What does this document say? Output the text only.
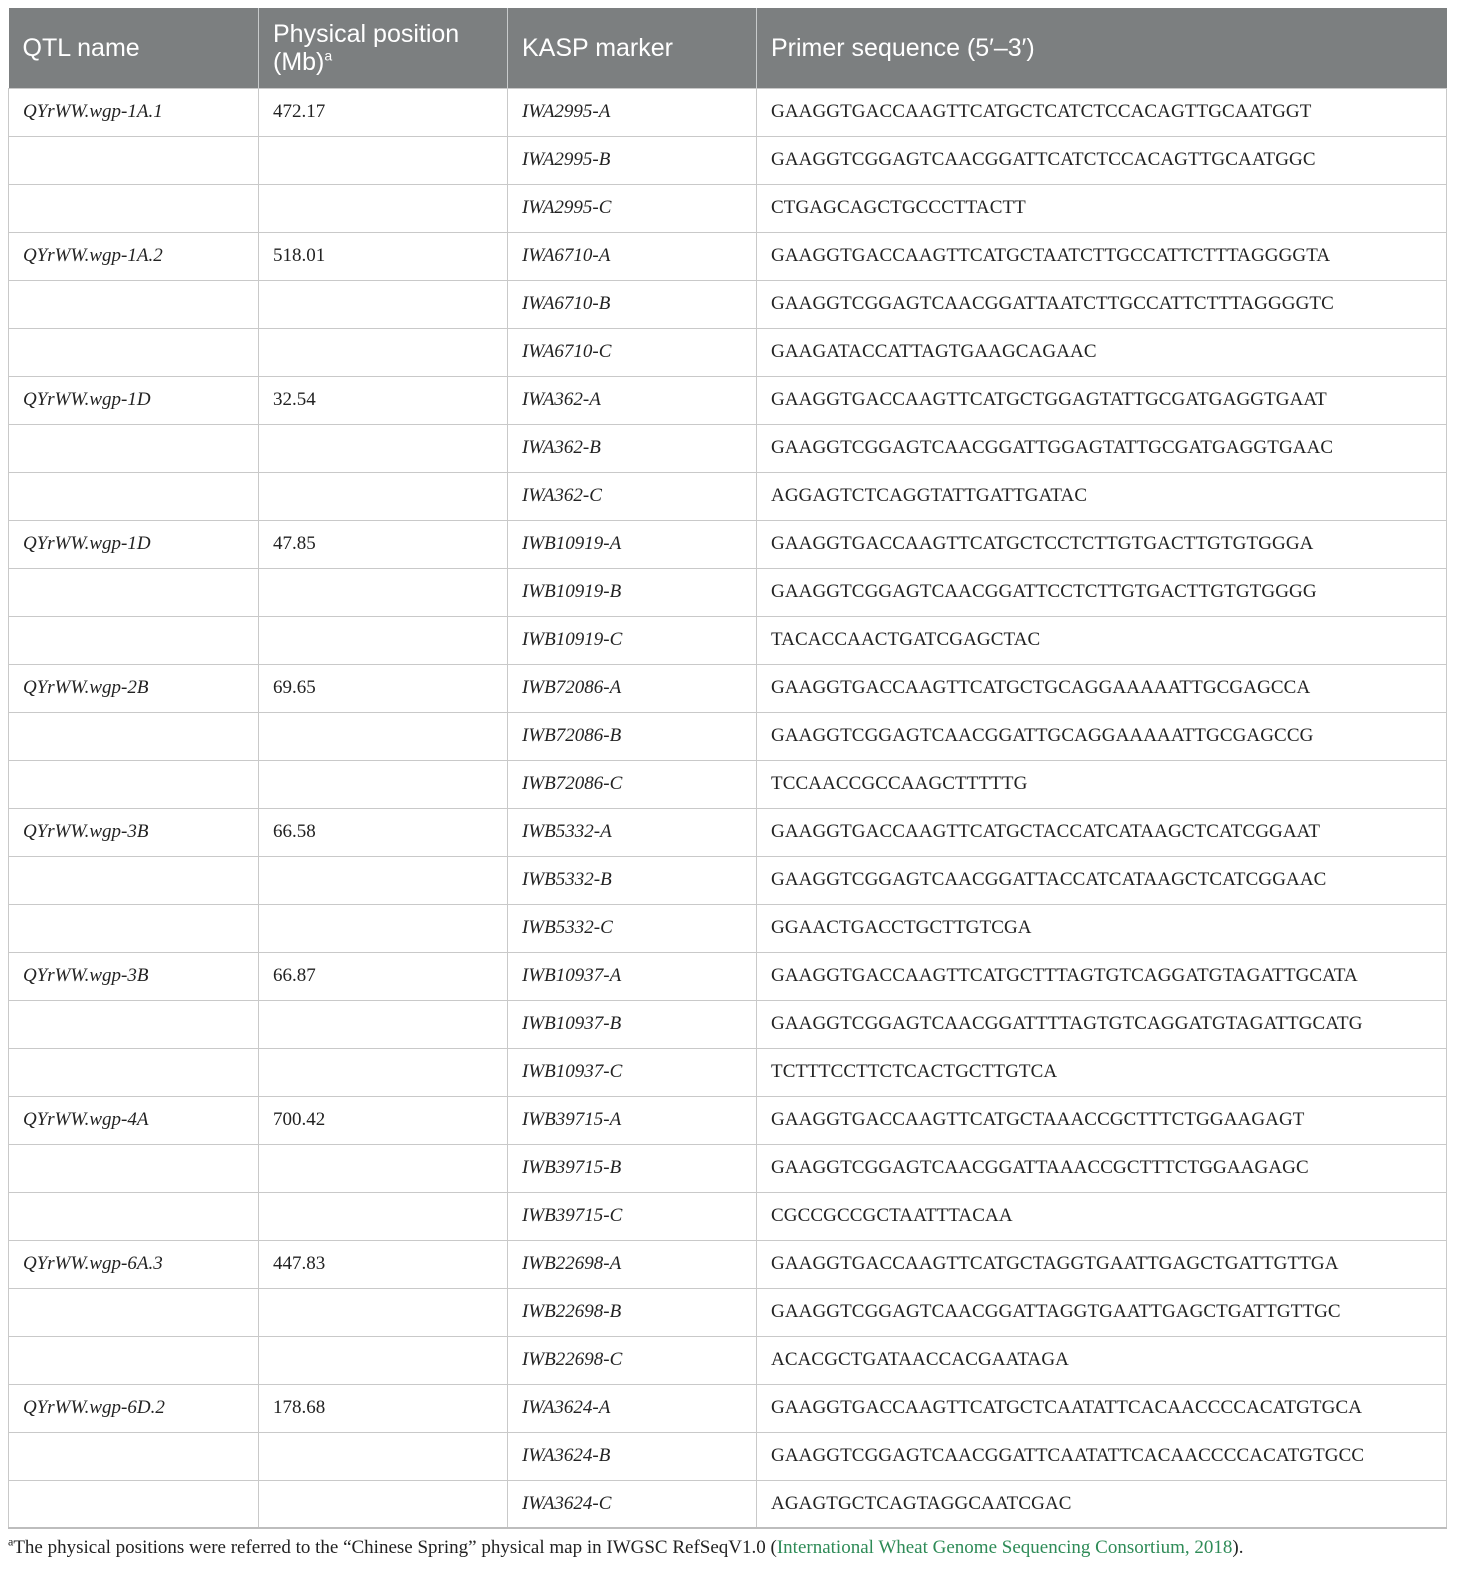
QTL name	Physical position $(Mb)^a$	KASP marker	Primer sequence (5′–3′)
QYrWW.wgp-1A.1	472.17	IWA2995-A	GAAGGTGACCAAGTTCATGCTCATCTCCACAGTTGCAATGGT
		IWA2995-B	GAAGGTCGGAGTCAACGGATTCATCTCCACAGTTGCAATGGC
		IWA2995-C	CTGAGCAGCTGCCCTTACTT
QYrWW.wgp-1A.2	518.01	IWA6710-A	GAAGGTGACCAAGTTCATGCTAATCTTGCCATTCTTTAGGGGTA
		IWA6710-B	GAAGGTCGGAGTCAACGGATTAATCTTGCCATTCTTTAGGGGTC
		IWA6710-C	GAAGATACCATTAGTGAAGCAGAAC
QYrWW.wgp-1D	32.54	IWA362-A	GAAGGTGACCAAGTTCATGCTGGAGTATTGCGATGAGGTGAAT
		IWA362-B	GAAGGTCGGAGTCAACGGATTGGAGTATTGCGATGAGGTGAAC
		IWA362-C	AGGAGTCTCAGGTATTGATTGATAC
QYrWW.wgp-1D	47.85	IWB10919-A	GAAGGTGACCAAGTTCATGCTCCTCTTGTGACTTGTGTGGGA
		IWB10919-B	GAAGGTCGGAGTCAACGGATTCCTCTTGTGACTTGTGTGGGG
		IWB10919-C	TACACCAACTGATCGAGCTAC
QYrWW.wgp-2B	69.65	IWB72086-A	GAAGGTGACCAAGTTCATGCTGCAGGAAAAATTGCGAGCCA
		IWB72086-B	GAAGGTCGGAGTCAACGGATTGCAGGAAAAATTGCGAGCCG
		IWB72086-C	TCCAACCGCCAAGCTTTTTG
QYrWW.wgp-3B	66.58	IWB5332-A	GAAGGTGACCAAGTTCATGCTACCATCATAAGCTCATCGGAAT
		IWB5332-B	GAAGGTCGGAGTCAACGGATTACCATCATAAGCTCATCGGAAC
		IWB5332-C	GGAACTGACCTGCTTGTCGA
QYrWW.wgp-3B	66.87	IWB10937-A	GAAGGTGACCAAGTTCATGCTTTAGTGTCAGGATGTAGATTGCATA
		IWB10937-B	GAAGGTCGGAGTCAACGGATTTTAGTGTCAGGATGTAGATTGCATG
		IWB10937-C	TCTTTCCTTCTCACTGCTTGTCA
QYrWW.wgp-4A	700.42	IWB39715-A	GAAGGTGACCAAGTTCATGCTAAACCGCTTTCTGGAAGAGT
		IWB39715-B	GAAGGTCGGAGTCAACGGATTAAACCGCTTTCTGGAAGAGC
		IWB39715-C	CGCCGCCGCTAATTTACAA
QYrWW.wgp-6A.3	447.83	IWB22698-A	GAAGGTGACCAAGTTCATGCTAGGTGAATTGAGCTGATTGTTGA
		IWB22698-B	GAAGGTCGGAGTCAACGGATTAGGTGAATTGAGCTGATTGTTGC
		IWB22698-C	ACACGCTGATAACCACGAATAGA
QYrWW.wgp-6D.2	178.68	IWA3624-A	GAAGGTGACCAAGTTCATGCTCAATATTCACAACCCCACATGTGCA
		IWA3624-B	GAAGGTCGGAGTCAACGGATTCAATATTCACAACCCCACATGTGCC
		IWA3624-C	AGAGTGCTCAGTAGGCAATCGAC
$^a$The physical positions were referred to the “Chinese Spring” physical map in IWGSC RefSeqV1.0 (International Wheat Genome Sequencing Consortium, 2018).
